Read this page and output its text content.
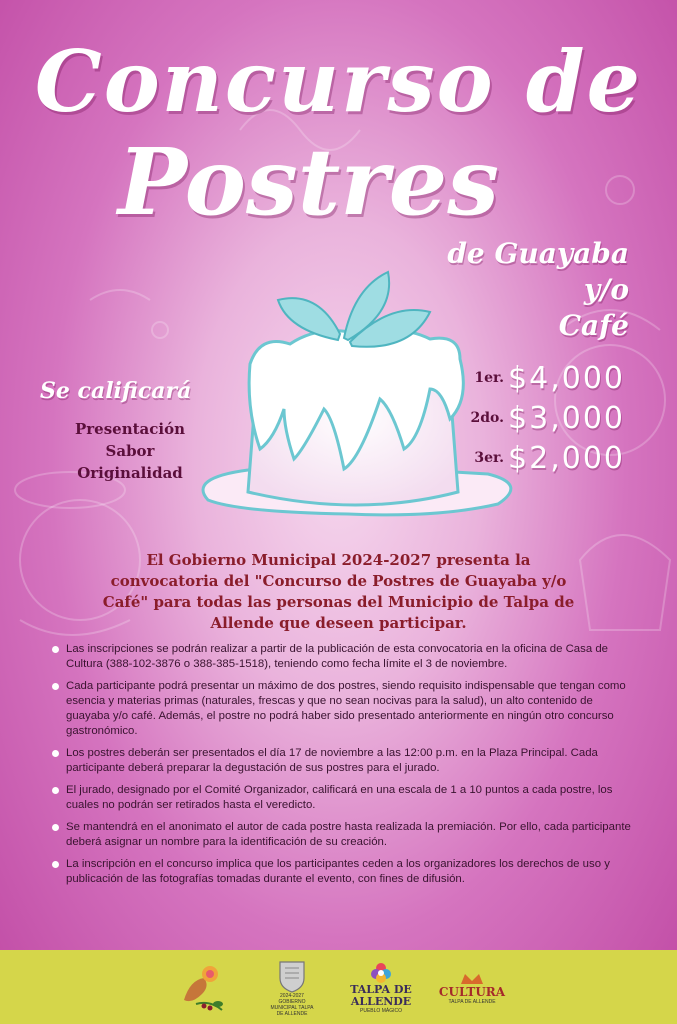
Concurso de
Postres
de Guayaba
y/o
Café
Se calificará
Presentación
Sabor
Originalidad
1er. $4,000
2do. $3,000
3er. $2,000
El Gobierno Municipal 2024-2027 presenta la convocatoria del "Concurso de Postres de Guayaba y/o Café" para todas las personas del Municipio de Talpa de Allende que deseen participar.
Las inscripciones se podrán realizar a partir de la publicación de esta convocatoria en la oficina de Casa de Cultura (388-102-3876 o 388-385-1518), teniendo como fecha límite el 3 de noviembre.
Cada participante podrá presentar un máximo de dos postres, siendo requisito indispensable que tengan como esencia y materias primas (naturales, frescas y que no sean nocivas para la salud), un alto contenido de guayaba y/o café. Además, el postre no podrá haber sido presentado anteriormente en ningún otro concurso gastronómico.
Los postres deberán ser presentados el día 17 de noviembre a las 12:00 p.m. en la Plaza Principal. Cada participante deberá preparar la degustación de sus postres para el jurado.
El jurado, designado por el Comité Organizador, calificará en una escala de 1 a 10 puntos a cada postre, los cuales no podrán ser retirados hasta el veredicto.
Se mantendrá en el anonimato el autor de cada postre hasta realizada la premiación. Por ello, cada participante deberá asignar un nombre para la identificación de su creación.
La inscripción en el concurso implica que los participantes ceden a los organizadores los derechos de uso y publicación de las fotografías tomadas durante el evento, con fines de difusión.
2024-2027 GOBIERNO MUNICIPAL TALPA DE ALLENDE
TALPA DE ALLENDE
PUEBLO MÁGICO
CULTURA
TALPA DE ALLENDE
